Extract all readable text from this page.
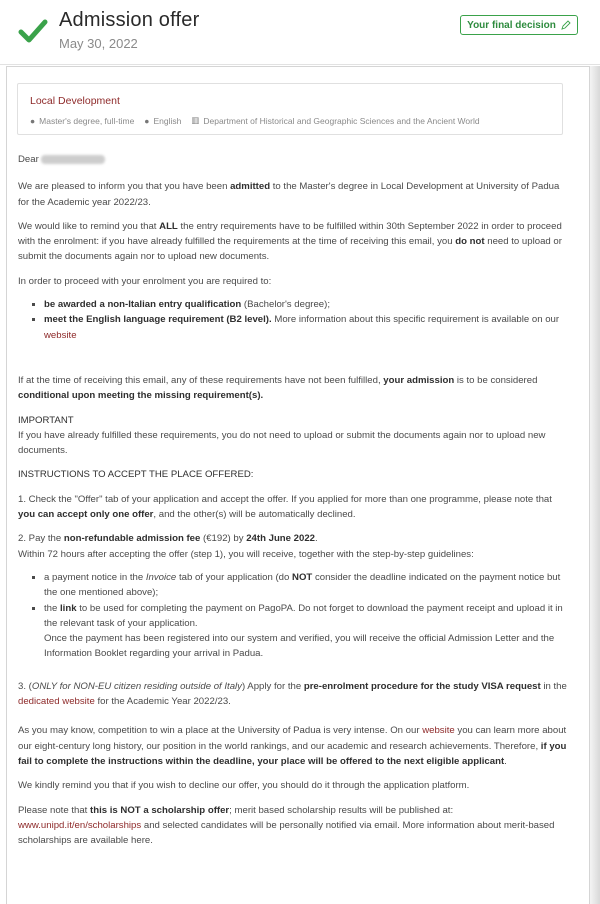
Admission offer
May 30, 2022
Your final decision
Local Development
● Master's degree, full-time ● English ▥ Department of Historical and Geographic Sciences and the Ancient World

Dear

We are pleased to inform you that you have been admitted to the Master's degree in Local Development at University of Padua for the Academic year 2022/23.

We would like to remind you that ALL the entry requirements have to be fulfilled within 30th September 2022 in order to proceed with the enrolment: if you have already fulfilled the requirements at the time of receiving this email, you do not need to upload or submit the documents again nor to upload new documents.

In order to proceed with your enrolment you are required to:

▪ be awarded a non-Italian entry qualification (Bachelor's degree);
▪ meet the English language requirement (B2 level). More information about this specific requirement is available on our website

If at the time of receiving this email, any of these requirements have not been fulfilled, your admission is to be considered conditional upon meeting the missing requirement(s).

IMPORTANT

If you have already fulfilled these requirements, you do not need to upload or submit the documents again nor to upload new documents.

INSTRUCTIONS TO ACCEPT THE PLACE OFFERED:

1. Check the "Offer" tab of your application and accept the offer. If you applied for more than one programme, please note that you can accept only one offer, and the other(s) will be automatically declined.

2. Pay the non-refundable admission fee (€192) by 24th June 2022.

Within 72 hours after accepting the offer (step 1), you will receive, together with the step-by-step guidelines:

▪ a payment notice in the Invoice tab of your application (do NOT consider the deadline indicated on the payment notice but the one mentioned above);
▪ the link to be used for completing the payment on PagoPA. Do not forget to download the payment receipt and upload it in the relevant task of your application.
Once the payment has been registered into our system and verified, you will receive the official Admission Letter and the Information Booklet regarding your arrival in Padua.

3. (ONLY for NON-EU citizen residing outside of Italy) Apply for the pre-enrolment procedure for the study VISA request in the dedicated website for the Academic Year 2022/23.

As you may know, competition to win a place at the University of Padua is very intense. On our website you can learn more about our eight-century long history, our position in the world rankings, and our academic and research achievements. Therefore, if you fail to complete the instructions within the deadline, your place will be offered to the next eligible applicant.

We kindly remind you that if you wish to decline our offer, you should do it through the application platform.

Please note that this is NOT a scholarship offer; merit based scholarship results will be published at: www.unipd.it/en/scholarships and selected candidates will be personally notified via email. More information about merit-based scholarships are available here.
